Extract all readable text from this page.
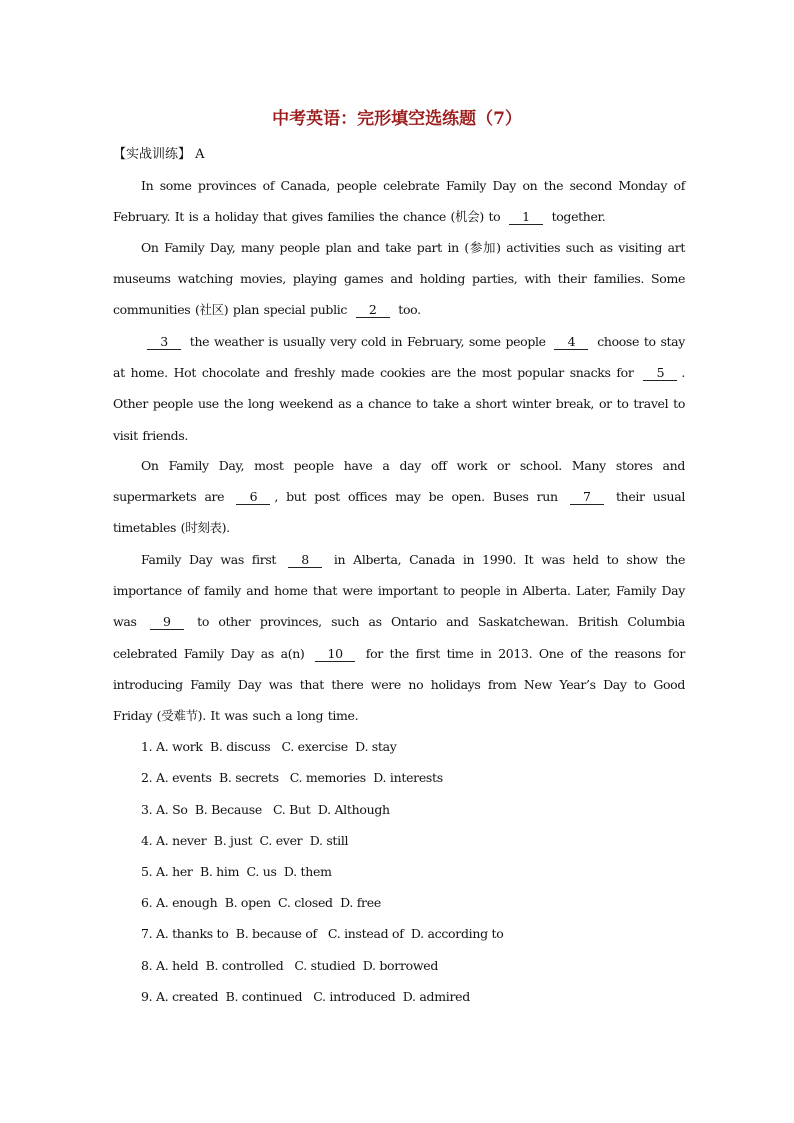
中考英语：完形填空选练题（7）
【实战训练】 A
In some provinces of Canada, people celebrate Family Day on the second Monday of February. It is a holiday that gives families the chance (机会) to 1 together.
On Family Day, many people plan and take part in (参加) activities such as visiting art museums watching movies, playing games and holding parties, with their families. Some communities (社区) plan special public 2 too.
3 the weather is usually very cold in February, some people 4 choose to stay at home. Hot chocolate and freshly made cookies are the most popular snacks for 5 . Other people use the long weekend as a chance to take a short winter break, or to travel to visit friends.
On Family Day, most people have a day off work or school. Many stores and supermarkets are 6 , but post offices may be open. Buses run 7 their usual timetables (时刻表).
Family Day was first 8 in Alberta, Canada in 1990. It was held to show the importance of family and home that were important to people in Alberta. Later, Family Day was 9 to other provinces, such as Ontario and Saskatchewan. British Columbia celebrated Family Day as a(n) 10 for the first time in 2013. One of the reasons for introducing Family Day was that there were no holidays from New Year’s Day to Good Friday (受难节). It was such a long time.
1. A. work  B. discuss   C. exercise  D. stay
2. A. events  B. secrets   C. memories  D. interests
3. A. So  B. Because   C. But  D. Although
4. A. never  B. just  C. ever  D. still
5. A. her  B. him  C. us  D. them
6. A. enough  B. open  C. closed  D. free
7. A. thanks to  B. because of   C. instead of  D. according to
8. A. held  B. controlled   C. studied  D. borrowed
9. A. created  B. continued   C. introduced  D. admired
